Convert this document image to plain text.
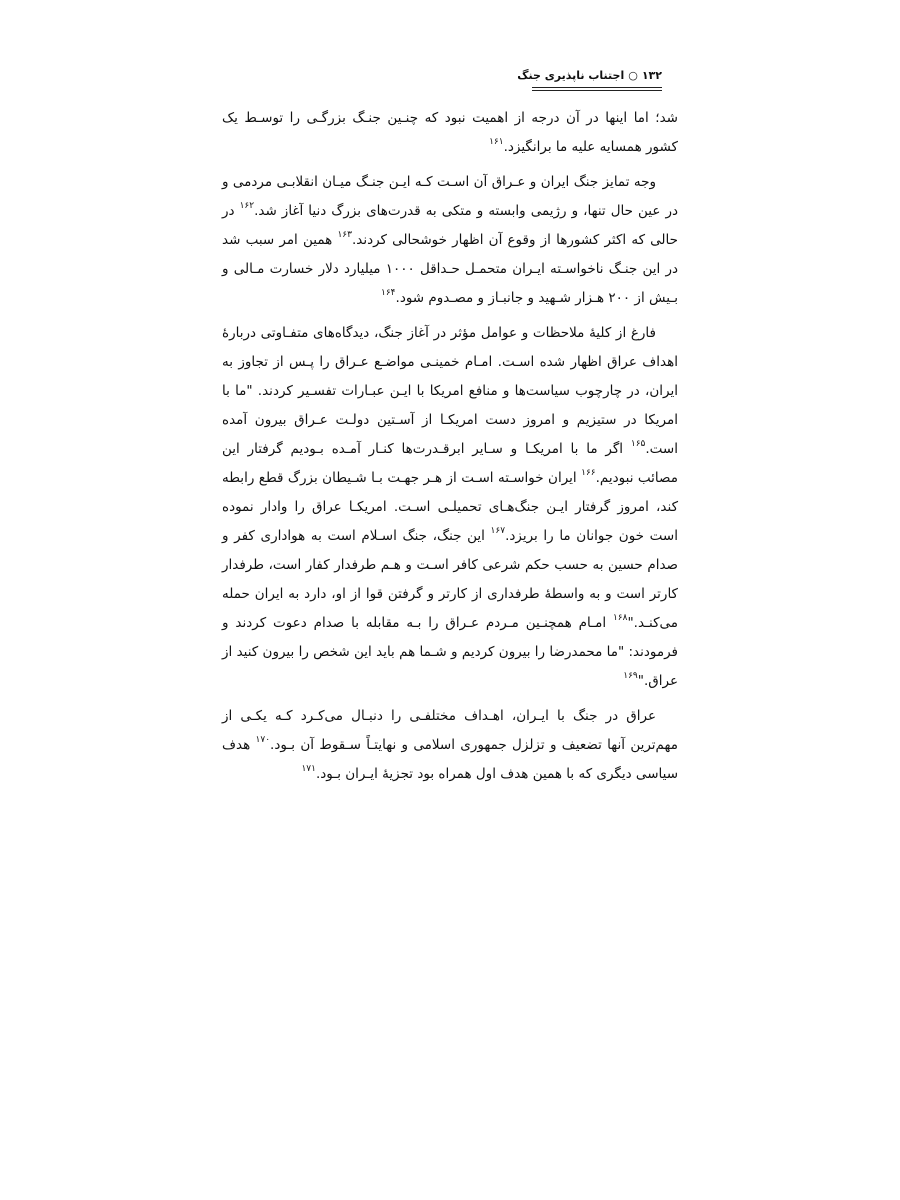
۱۳۲○اجتناب ناپذیری جنگ

شد؛ اما اینها در آن درجه از اهمیت نبود که چنـین جنـگ بزرگـی را توسـط یک کشور همسایه علیه ما برانگیزد.$^{۱۶۱}$

وجه تمایز جنگ ایران و عـراق آن اسـت کـه ایـن جنـگ میـان انقلابـی مردمی و در عین حال تنها، و رژیمی وابسته و متکی به قدرت‌های بزرگ دنیا آغاز شد.$^{۱۶۲}$ در حالی که اکثر کشورها از وقوع آن اظهار خوشحالی کردند.$^{۱۶۳}$ همین امر سبب شد در این جنـگ ناخواسـته ایـران متحمـل حـداقل ۱۰۰۰ میلیارد دلار خسارت مـالی و بـیش از ۲۰۰ هـزار شـهید و جانبـاز و مصـدوم شود.$^{۱۶۴}$

فارغ از کلیهٔ ملاحظات و عوامل مؤثر در آغاز جنگ، دیدگاه‌های متفـاوتی دربارهٔ اهداف عراق اظهار شده اسـت. امـام خمینـی مواضـع عـراق را پـس از تجاوز به ایران، در چارچوب سیاست‌ها و منافع امریکا با ایـن عبـارات تفسـیر کردند. "ما با امریکا در ستیزیم و امروز دست امریکـا از آسـتین دولـت عـراق بیرون آمده است.$^{۱۶۵}$ اگر ما با امریکـا و سـایر ابرقـدرت‌ها کنـار آمـده بـودیم گرفتار این مصائب نبودیم.$^{۱۶۶}$ ایران خواسـته اسـت از هـر جهـت بـا شـیطان بزرگ قطع رابطه کند، امروز گرفتار ایـن جنگ‌هـای تحمیلـی اسـت. امریکـا عراق را وادار نموده است خون جوانان ما را بریزد.$^{۱۶۷}$ این جنگ، جنگ اسـلام است به هواداری کفر و صدام حسین به حسب حکم شرعی کافر اسـت و هـم طرفدار کفار است، طرفدار کارتر است و به واسطهٔ طرفداری از کارتر و گرفتن قوا از او، دارد به ایران حمله می‌کنـد."$^{۱۶۸}$ امـام همچنـین مـردم عـراق را بـه مقابله با صدام دعوت کردند و فرمودند: "ما محمدرضا را بیرون کردیم و شـما هم باید این شخص را بیرون کنید از عراق."$^{۱۶۹}$

عراق در جنگ با ایـران، اهـداف مختلفـی را دنبـال می‌کـرد کـه یکـی از مهم‌ترین آنها تضعیف و تزلزل جمهوری اسلامی و نهایتـاً سـقوط آن بـود.$^{۱۷۰}$ هدف سیاسی دیگری که با همین هدف اول همراه بود تجزیهٔ ایـران بـود.$^{۱۷۱}$
